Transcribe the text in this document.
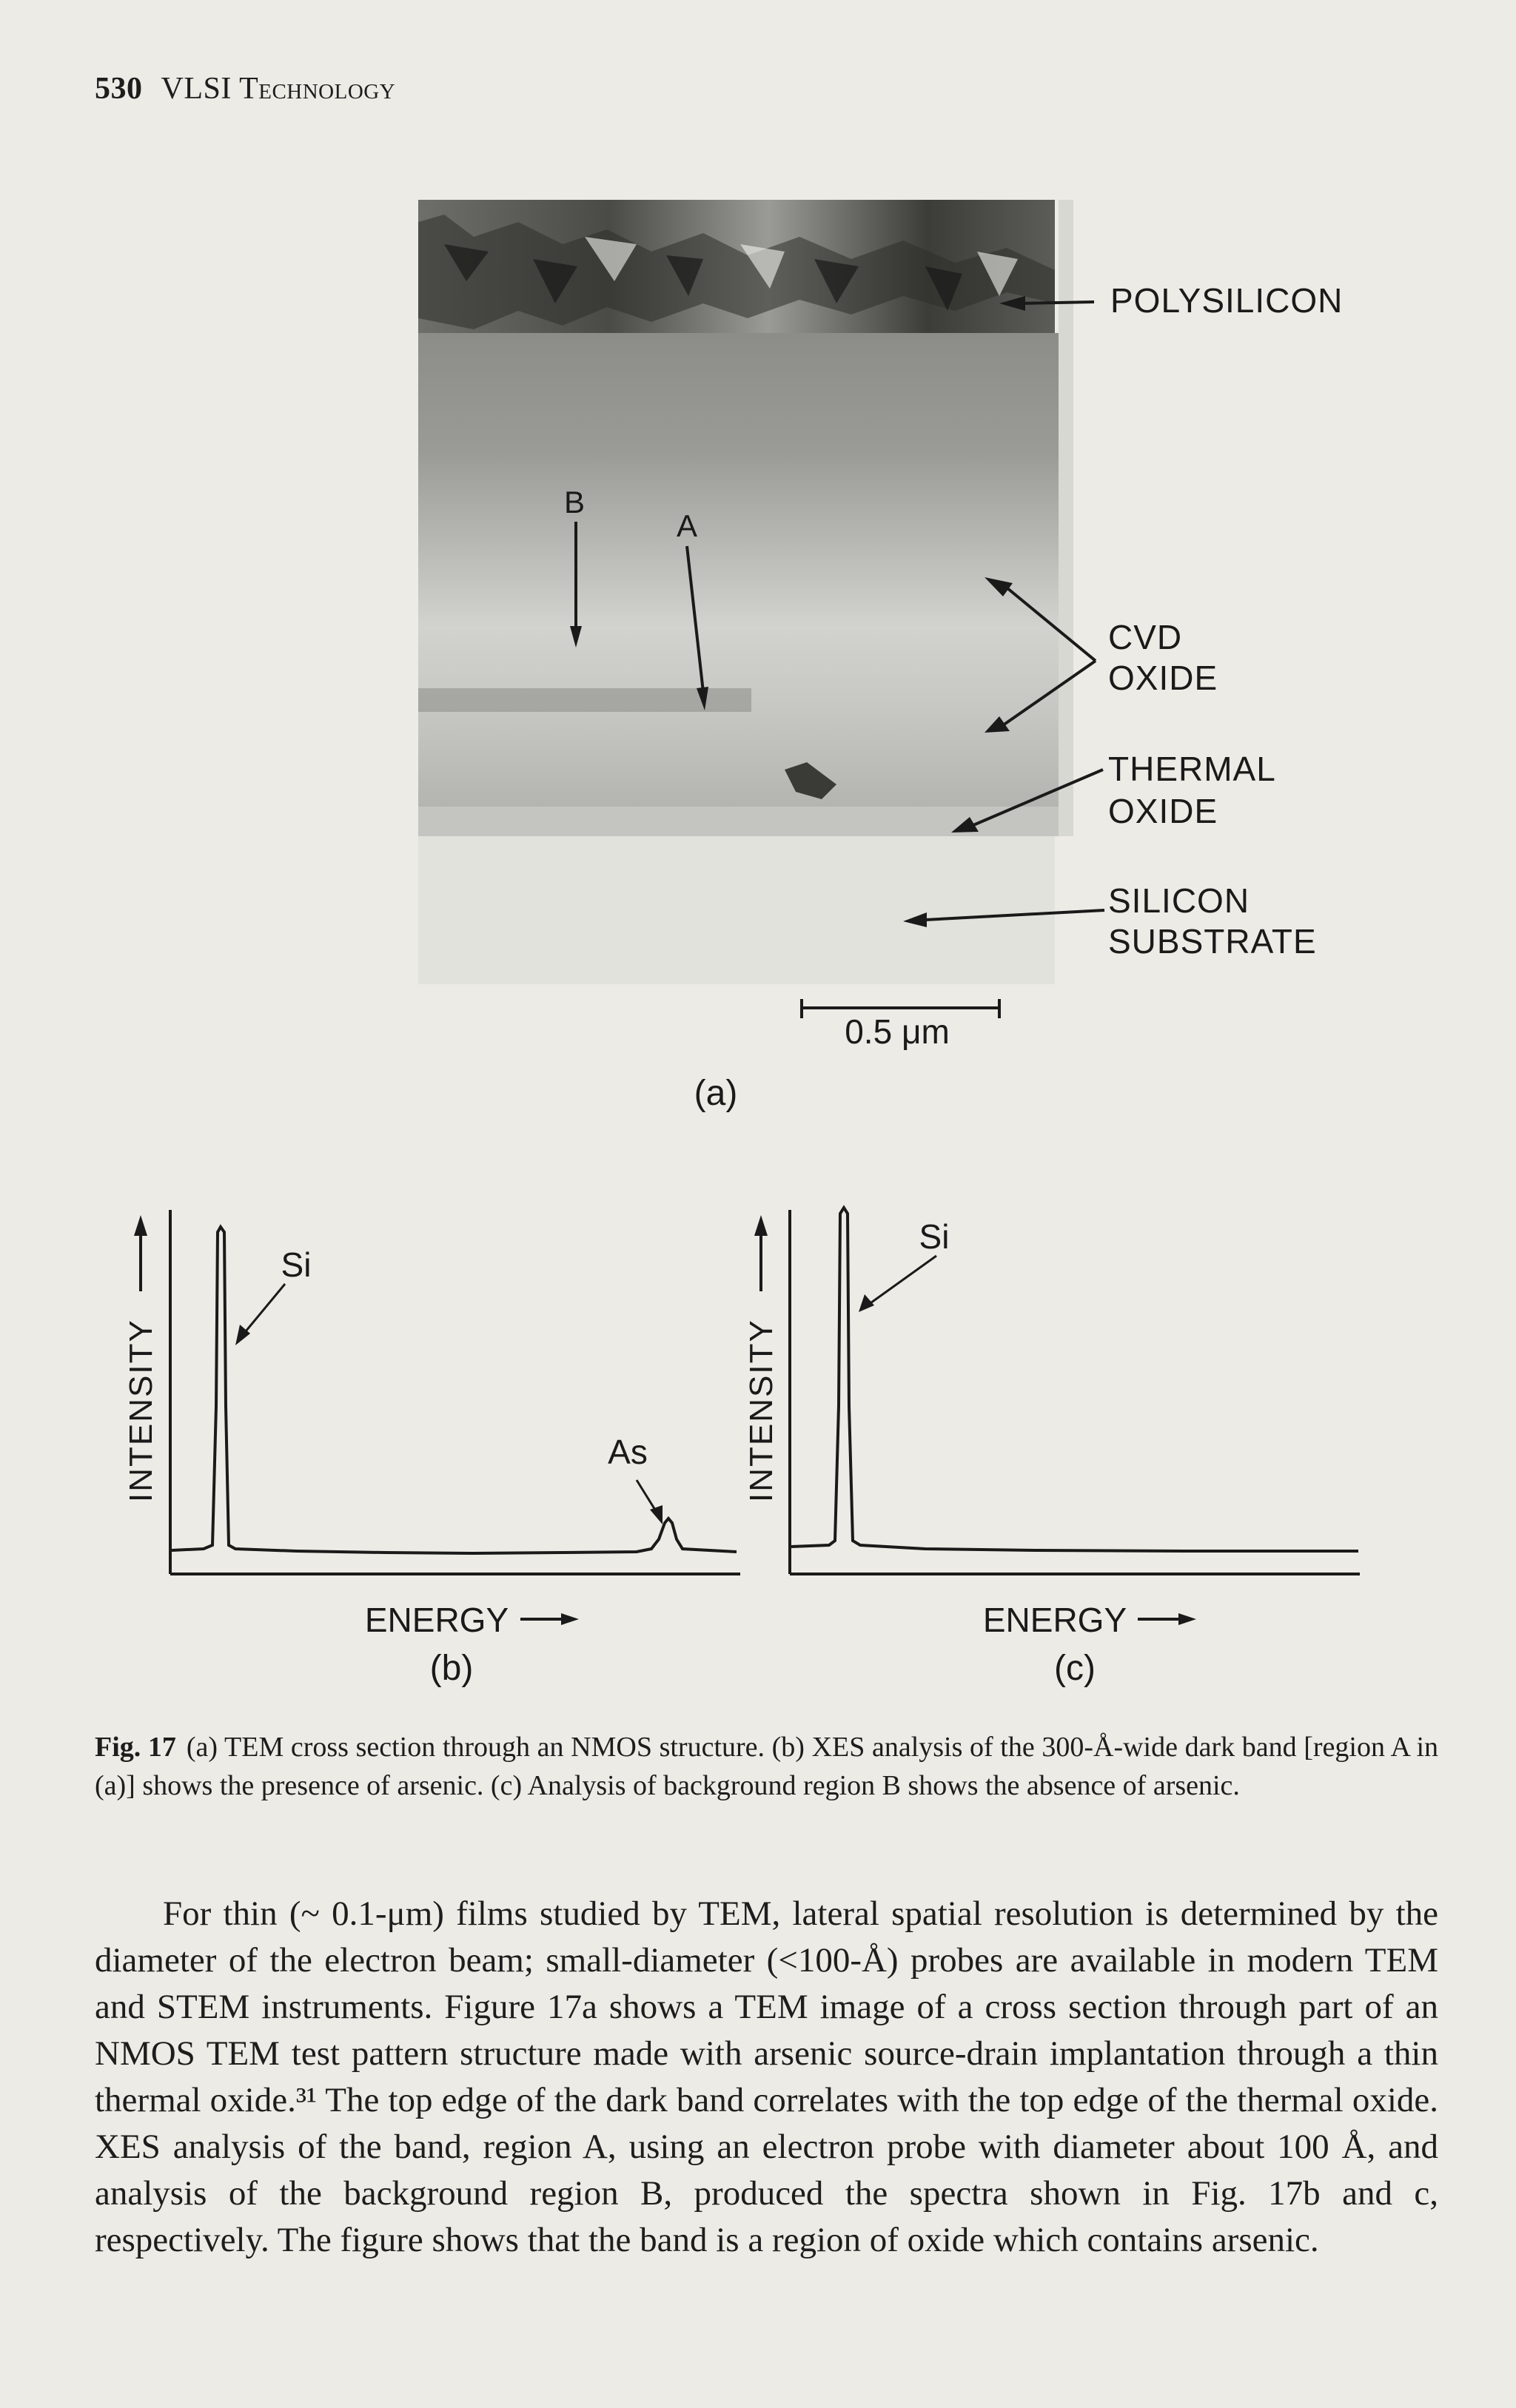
530 VLSI Technology
B
A
POLYSILICON
CVD
OXIDE
THERMAL
OXIDE
SILICON
SUBSTRATE
0.5 μm
(a)
Si
As
INTENSITY
ENERGY
(b)
Si
INTENSITY
ENERGY
(c)
Fig. 17 (a) TEM cross section through an NMOS structure. (b) XES analysis of the 300-Å-wide dark band [region A in (a)] shows the presence of arsenic. (c) Analysis of background region B shows the absence of arsenic.

For thin (~ 0.1-μm) films studied by TEM, lateral spatial resolution is determined by the diameter of the electron beam; small-diameter (<100-Å) probes are available in modern TEM and STEM instruments. Figure 17a shows a TEM image of a cross section through part of an NMOS TEM test pattern structure made with arsenic source-drain implantation through a thin thermal oxide.³¹ The top edge of the dark band correlates with the top edge of the thermal oxide. XES analysis of the band, region A, using an electron probe with diameter about 100 Å, and analysis of the background region B, produced the spectra shown in Fig. 17b and c, respectively. The figure shows that the band is a region of oxide which contains arsenic.
